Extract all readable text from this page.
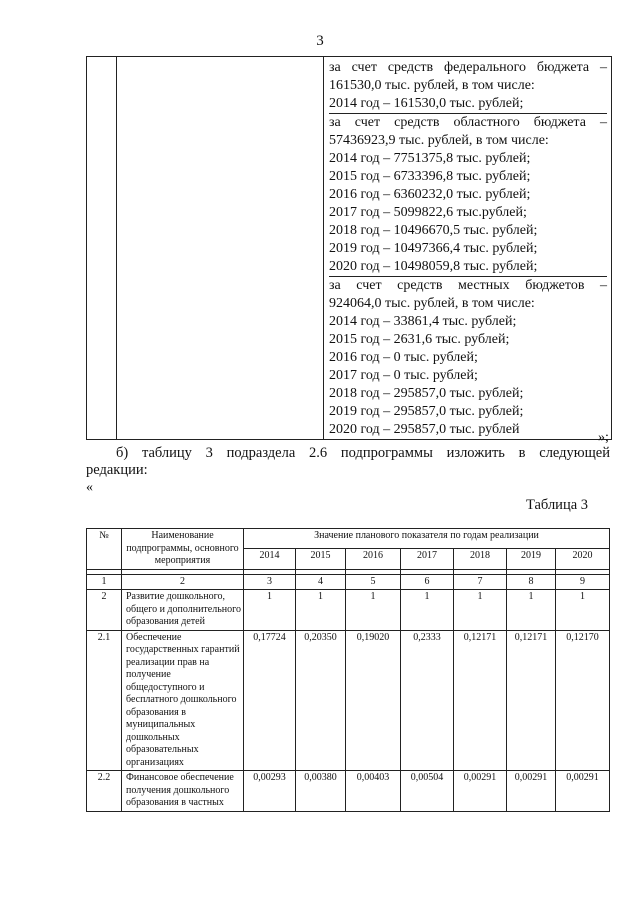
3

за счет средств федерального бюджета –
161530,0 тыс. рублей, в том числе:
2014 год – 161530,0 тыс. рублей;
за счет средств областного бюджета –
57436923,9 тыс. рублей, в том числе:
2014 год – 7751375,8 тыс. рублей;
2015 год – 6733396,8 тыс. рублей;
2016 год – 6360232,0 тыс. рублей;
2017 год – 5099822,6 тыс.рублей;
2018 год – 10496670,5 тыс. рублей;
2019 год – 10497366,4 тыс. рублей;
2020 год – 10498059,8 тыс. рублей;
за счет средств местных бюджетов –
924064,0 тыс. рублей, в том числе:
2014 год – 33861,4 тыс. рублей;
2015 год – 2631,6 тыс. рублей;
2016 год – 0 тыс. рублей;
2017 год – 0 тыс. рублей;
2018 год – 295857,0 тыс. рублей;
2019 год – 295857,0 тыс. рублей;
2020 год – 295857,0 тыс. рублей
»;
б) таблицу 3 подраздела 2.6 подпрограммы изложить в следующей
редакции:
«
Таблица 3
№	Наименование подпрограммы, основного мероприятия	Значение планового показателя по годам реализации						
		2014	2015	2016	2017	2018	2019	2020

1	2	3	4	5	6	7	8	9
2	Развитие дошкольного, общего и дополнительного образования детей	1	1	1	1	1	1	1
2.1	Обеспечение государственных гарантий реализации прав на получение общедоступного и бесплатного дошкольного образования в муниципальных дошкольных образовательных организациях	0,17724	0,20350	0,19020	0,2333	0,12171	0,12171	0,12170
2.2	Финансовое обеспечение получения дошкольного образования в частных	0,00293	0,00380	0,00403	0,00504	0,00291	0,00291	0,00291
